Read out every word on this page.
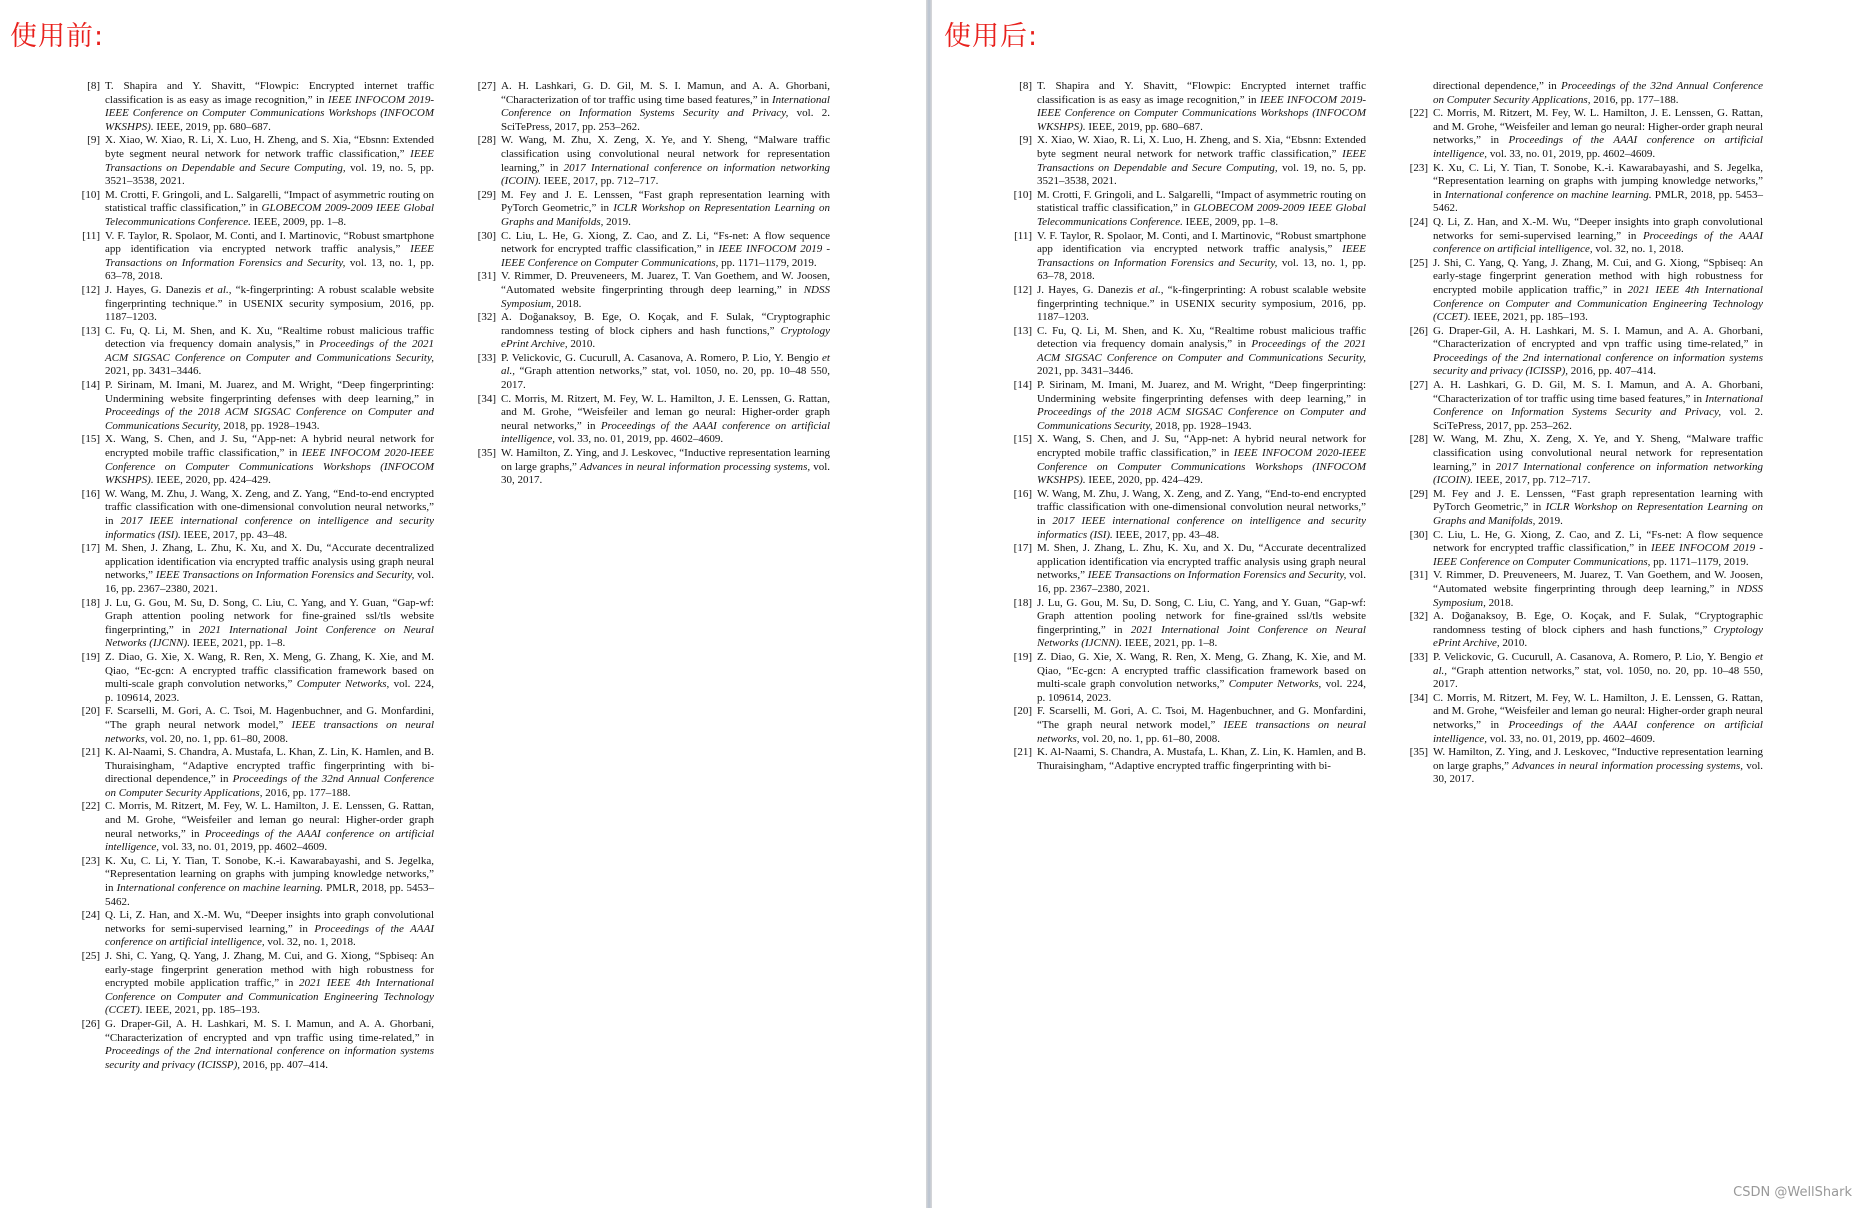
使用前:
[8] T. Shapira and Y. Shavitt, “Flowpic: Encrypted internet traffic classification is as easy as image recognition,” in IEEE INFOCOM 2019-IEEE Conference on Computer Communications Workshops (INFOCOM WKSHPS). IEEE, 2019, pp. 680–687.
[9] X. Xiao, W. Xiao, R. Li, X. Luo, H. Zheng, and S. Xia, “Ebsnn: Extended byte segment neural network for network traffic classification,” IEEE Transactions on Dependable and Secure Computing, vol. 19, no. 5, pp. 3521–3538, 2021.
[10] M. Crotti, F. Gringoli, and L. Salgarelli, “Impact of asymmetric routing on statistical traffic classification,” in GLOBECOM 2009-2009 IEEE Global Telecommunications Conference. IEEE, 2009, pp. 1–8.
[11] V. F. Taylor, R. Spolaor, M. Conti, and I. Martinovic, “Robust smartphone app identification via encrypted network traffic analysis,” IEEE Transactions on Information Forensics and Security, vol. 13, no. 1, pp. 63–78, 2018.
[12] J. Hayes, G. Danezis et al., “k-fingerprinting: A robust scalable website fingerprinting technique.” in USENIX security symposium, 2016, pp. 1187–1203.
[13] C. Fu, Q. Li, M. Shen, and K. Xu, “Realtime robust malicious traffic detection via frequency domain analysis,” in Proceedings of the 2021 ACM SIGSAC Conference on Computer and Communications Security, 2021, pp. 3431–3446.
[14] P. Sirinam, M. Imani, M. Juarez, and M. Wright, “Deep fingerprinting: Undermining website fingerprinting defenses with deep learning,” in Proceedings of the 2018 ACM SIGSAC Conference on Computer and Communications Security, 2018, pp. 1928–1943.
[15] X. Wang, S. Chen, and J. Su, “App-net: A hybrid neural network for encrypted mobile traffic classification,” in IEEE INFOCOM 2020-IEEE Conference on Computer Communications Workshops (INFOCOM WKSHPS). IEEE, 2020, pp. 424–429.
[16] W. Wang, M. Zhu, J. Wang, X. Zeng, and Z. Yang, “End-to-end encrypted traffic classification with one-dimensional convolution neural networks,” in 2017 IEEE international conference on intelligence and security informatics (ISI). IEEE, 2017, pp. 43–48.
[17] M. Shen, J. Zhang, L. Zhu, K. Xu, and X. Du, “Accurate decentralized application identification via encrypted traffic analysis using graph neural networks,” IEEE Transactions on Information Forensics and Security, vol. 16, pp. 2367–2380, 2021.
[18] J. Lu, G. Gou, M. Su, D. Song, C. Liu, C. Yang, and Y. Guan, “Gap-wf: Graph attention pooling network for fine-grained ssl/tls website fingerprinting,” in 2021 International Joint Conference on Neural Networks (IJCNN). IEEE, 2021, pp. 1–8.
[19] Z. Diao, G. Xie, X. Wang, R. Ren, X. Meng, G. Zhang, K. Xie, and M. Qiao, “Ec-gcn: A encrypted traffic classification framework based on multi-scale graph convolution networks,” Computer Networks, vol. 224, p. 109614, 2023.
[20] F. Scarselli, M. Gori, A. C. Tsoi, M. Hagenbuchner, and G. Monfardini, “The graph neural network model,” IEEE transactions on neural networks, vol. 20, no. 1, pp. 61–80, 2008.
[21] K. Al-Naami, S. Chandra, A. Mustafa, L. Khan, Z. Lin, K. Hamlen, and B. Thuraisingham, “Adaptive encrypted traffic fingerprinting with bi-directional dependence,” in Proceedings of the 32nd Annual Conference on Computer Security Applications, 2016, pp. 177–188.
[22] C. Morris, M. Ritzert, M. Fey, W. L. Hamilton, J. E. Lenssen, G. Rattan, and M. Grohe, “Weisfeiler and leman go neural: Higher-order graph neural networks,” in Proceedings of the AAAI conference on artificial intelligence, vol. 33, no. 01, 2019, pp. 4602–4609.
[23] K. Xu, C. Li, Y. Tian, T. Sonobe, K.-i. Kawarabayashi, and S. Jegelka, “Representation learning on graphs with jumping knowledge networks,” in International conference on machine learning. PMLR, 2018, pp. 5453–5462.
[24] Q. Li, Z. Han, and X.-M. Wu, “Deeper insights into graph convolutional networks for semi-supervised learning,” in Proceedings of the AAAI conference on artificial intelligence, vol. 32, no. 1, 2018.
[25] J. Shi, C. Yang, Q. Yang, J. Zhang, M. Cui, and G. Xiong, “Spbiseq: An early-stage fingerprint generation method with high robustness for encrypted mobile application traffic,” in 2021 IEEE 4th International Conference on Computer and Communication Engineering Technology (CCET). IEEE, 2021, pp. 185–193.
[26] G. Draper-Gil, A. H. Lashkari, M. S. I. Mamun, and A. A. Ghorbani, “Characterization of encrypted and vpn traffic using time-related,” in Proceedings of the 2nd international conference on information systems security and privacy (ICISSP), 2016, pp. 407–414.
[27] A. H. Lashkari, G. D. Gil, M. S. I. Mamun, and A. A. Ghorbani, “Characterization of tor traffic using time based features,” in International Conference on Information Systems Security and Privacy, vol. 2. SciTePress, 2017, pp. 253–262.
[28] W. Wang, M. Zhu, X. Zeng, X. Ye, and Y. Sheng, “Malware traffic classification using convolutional neural network for representation learning,” in 2017 International conference on information networking (ICOIN). IEEE, 2017, pp. 712–717.
[29] M. Fey and J. E. Lenssen, “Fast graph representation learning with PyTorch Geometric,” in ICLR Workshop on Representation Learning on Graphs and Manifolds, 2019.
[30] C. Liu, L. He, G. Xiong, Z. Cao, and Z. Li, “Fs-net: A flow sequence network for encrypted traffic classification,” in IEEE INFOCOM 2019 - IEEE Conference on Computer Communications, pp. 1171–1179, 2019.
[31] V. Rimmer, D. Preuveneers, M. Juarez, T. Van Goethem, and W. Joosen, “Automated website fingerprinting through deep learning,” in NDSS Symposium, 2018.
[32] A. Doğanaksoy, B. Ege, O. Koçak, and F. Sulak, “Cryptographic randomness testing of block ciphers and hash functions,” Cryptology ePrint Archive, 2010.
[33] P. Velickovic, G. Cucurull, A. Casanova, A. Romero, P. Lio, Y. Bengio et al., “Graph attention networks,” stat, vol. 1050, no. 20, pp. 10–48 550, 2017.
[34] C. Morris, M. Ritzert, M. Fey, W. L. Hamilton, J. E. Lenssen, G. Rattan, and M. Grohe, “Weisfeiler and leman go neural: Higher-order graph neural networks,” in Proceedings of the AAAI conference on artificial intelligence, vol. 33, no. 01, 2019, pp. 4602–4609.
[35] W. Hamilton, Z. Ying, and J. Leskovec, “Inductive representation learning on large graphs,” Advances in neural information processing systems, vol. 30, 2017.
使用后:
[8] T. Shapira and Y. Shavitt, “Flowpic: Encrypted internet traffic classification is as easy as image recognition,” in IEEE INFOCOM 2019-IEEE Conference on Computer Communications Workshops (INFOCOM WKSHPS). IEEE, 2019, pp. 680–687.
[9] X. Xiao, W. Xiao, R. Li, X. Luo, H. Zheng, and S. Xia, “Ebsnn: Extended byte segment neural network for network traffic classification,” IEEE Transactions on Dependable and Secure Computing, vol. 19, no. 5, pp. 3521–3538, 2021.
[10] M. Crotti, F. Gringoli, and L. Salgarelli, “Impact of asymmetric routing on statistical traffic classification,” in GLOBECOM 2009-2009 IEEE Global Telecommunications Conference. IEEE, 2009, pp. 1–8.
[11] V. F. Taylor, R. Spolaor, M. Conti, and I. Martinovic, “Robust smartphone app identification via encrypted network traffic analysis,” IEEE Transactions on Information Forensics and Security, vol. 13, no. 1, pp. 63–78, 2018.
[12] J. Hayes, G. Danezis et al., “k-fingerprinting: A robust scalable website fingerprinting technique.” in USENIX security symposium, 2016, pp. 1187–1203.
[13] C. Fu, Q. Li, M. Shen, and K. Xu, “Realtime robust malicious traffic detection via frequency domain analysis,” in Proceedings of the 2021 ACM SIGSAC Conference on Computer and Communications Security, 2021, pp. 3431–3446.
[14] P. Sirinam, M. Imani, M. Juarez, and M. Wright, “Deep fingerprinting: Undermining website fingerprinting defenses with deep learning,” in Proceedings of the 2018 ACM SIGSAC Conference on Computer and Communications Security, 2018, pp. 1928–1943.
[15] X. Wang, S. Chen, and J. Su, “App-net: A hybrid neural network for encrypted mobile traffic classification,” in IEEE INFOCOM 2020-IEEE Conference on Computer Communications Workshops (INFOCOM WKSHPS). IEEE, 2020, pp. 424–429.
[16] W. Wang, M. Zhu, J. Wang, X. Zeng, and Z. Yang, “End-to-end encrypted traffic classification with one-dimensional convolution neural networks,” in 2017 IEEE international conference on intelligence and security informatics (ISI). IEEE, 2017, pp. 43–48.
[17] M. Shen, J. Zhang, L. Zhu, K. Xu, and X. Du, “Accurate decentralized application identification via encrypted traffic analysis using graph neural networks,” IEEE Transactions on Information Forensics and Security, vol. 16, pp. 2367–2380, 2021.
[18] J. Lu, G. Gou, M. Su, D. Song, C. Liu, C. Yang, and Y. Guan, “Gap-wf: Graph attention pooling network for fine-grained ssl/tls website fingerprinting,” in 2021 International Joint Conference on Neural Networks (IJCNN). IEEE, 2021, pp. 1–8.
[19] Z. Diao, G. Xie, X. Wang, R. Ren, X. Meng, G. Zhang, K. Xie, and M. Qiao, “Ec-gcn: A encrypted traffic classification framework based on multi-scale graph convolution networks,” Computer Networks, vol. 224, p. 109614, 2023.
[20] F. Scarselli, M. Gori, A. C. Tsoi, M. Hagenbuchner, and G. Monfardini, “The graph neural network model,” IEEE transactions on neural networks, vol. 20, no. 1, pp. 61–80, 2008.
[21] K. Al-Naami, S. Chandra, A. Mustafa, L. Khan, Z. Lin, K. Hamlen, and B. Thuraisingham, “Adaptive encrypted traffic fingerprinting with bi-
directional dependence,” in Proceedings of the 32nd Annual Conference on Computer Security Applications, 2016, pp. 177–188.
[22] C. Morris, M. Ritzert, M. Fey, W. L. Hamilton, J. E. Lenssen, G. Rattan, and M. Grohe, “Weisfeiler and leman go neural: Higher-order graph neural networks,” in Proceedings of the AAAI conference on artificial intelligence, vol. 33, no. 01, 2019, pp. 4602–4609.
[23] K. Xu, C. Li, Y. Tian, T. Sonobe, K.-i. Kawarabayashi, and S. Jegelka, “Representation learning on graphs with jumping knowledge networks,” in International conference on machine learning. PMLR, 2018, pp. 5453–5462.
[24] Q. Li, Z. Han, and X.-M. Wu, “Deeper insights into graph convolutional networks for semi-supervised learning,” in Proceedings of the AAAI conference on artificial intelligence, vol. 32, no. 1, 2018.
[25] J. Shi, C. Yang, Q. Yang, J. Zhang, M. Cui, and G. Xiong, “Spbiseq: An early-stage fingerprint generation method with high robustness for encrypted mobile application traffic,” in 2021 IEEE 4th International Conference on Computer and Communication Engineering Technology (CCET). IEEE, 2021, pp. 185–193.
[26] G. Draper-Gil, A. H. Lashkari, M. S. I. Mamun, and A. A. Ghorbani, “Characterization of encrypted and vpn traffic using time-related,” in Proceedings of the 2nd international conference on information systems security and privacy (ICISSP), 2016, pp. 407–414.
[27] A. H. Lashkari, G. D. Gil, M. S. I. Mamun, and A. A. Ghorbani, “Characterization of tor traffic using time based features,” in International Conference on Information Systems Security and Privacy, vol. 2. SciTePress, 2017, pp. 253–262.
[28] W. Wang, M. Zhu, X. Zeng, X. Ye, and Y. Sheng, “Malware traffic classification using convolutional neural network for representation learning,” in 2017 International conference on information networking (ICOIN). IEEE, 2017, pp. 712–717.
[29] M. Fey and J. E. Lenssen, “Fast graph representation learning with PyTorch Geometric,” in ICLR Workshop on Representation Learning on Graphs and Manifolds, 2019.
[30] C. Liu, L. He, G. Xiong, Z. Cao, and Z. Li, “Fs-net: A flow sequence network for encrypted traffic classification,” in IEEE INFOCOM 2019 - IEEE Conference on Computer Communications, pp. 1171–1179, 2019.
[31] V. Rimmer, D. Preuveneers, M. Juarez, T. Van Goethem, and W. Joosen, “Automated website fingerprinting through deep learning,” in NDSS Symposium, 2018.
[32] A. Doğanaksoy, B. Ege, O. Koçak, and F. Sulak, “Cryptographic randomness testing of block ciphers and hash functions,” Cryptology ePrint Archive, 2010.
[33] P. Velickovic, G. Cucurull, A. Casanova, A. Romero, P. Lio, Y. Bengio et al., “Graph attention networks,” stat, vol. 1050, no. 20, pp. 10–48 550, 2017.
[34] C. Morris, M. Ritzert, M. Fey, W. L. Hamilton, J. E. Lenssen, G. Rattan, and M. Grohe, “Weisfeiler and leman go neural: Higher-order graph neural networks,” in Proceedings of the AAAI conference on artificial intelligence, vol. 33, no. 01, 2019, pp. 4602–4609.
[35] W. Hamilton, Z. Ying, and J. Leskovec, “Inductive representation learning on large graphs,” Advances in neural information processing systems, vol. 30, 2017.
CSDN @WellShark
